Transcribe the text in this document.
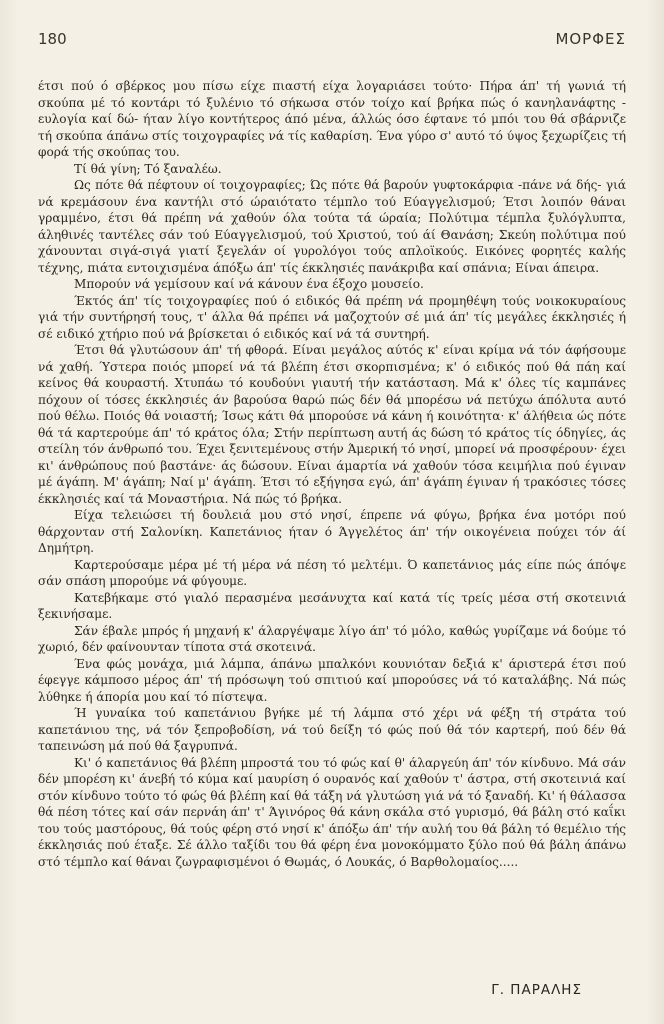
180	ΜΟΡΦΕΣ

έτσι πού ό σβέρκος μου πίσω είχε πιαστή είχα λογαριάσει τούτο· Πήρα άπ' τή γωνιά τή σκούπα μέ τό κοντάρι τό ξυλένιο τό σήκωσα στόν τοίχο καί βρήκα πώς ό κανηλανάφτης - ευλογία καί δώ- ήταν λίγο κοντήτερος άπό μένα, άλλώς όσο έφτανε τό μπόι του θά σβάρνιζε τή σκούπα άπάνω στίς τοιχογραφίες νά τίς καθαρίση. Ένα γύρο σ' αυτό τό ύψος ξεχωρίζεις τή φορά τής σκούπας του.

Τί θά γίνη; Τό ξαναλέω.

Ως πότε θά πέφτουν οί τοιχογραφίες; Ώς πότε θά βαρούν γυφτοκάρφια -πάνε νά δής- γιά νά κρεμάσουν ένα καντήλι στό ώραιότατο τέμπλο τού Εύαγγελισμού; Έτσι λοιπόν θάναι γραμμένο, έτσι θά πρέπη νά χαθούν όλα τούτα τά ώραία; Πολύτιμα τέμπλα ξυλόγλυπτα, άληθινές ταντέλες σάν τού Εύαγγελισμού, τού Χριστού, τού άί Θανάση; Σκεύη πολύτιμα πού χάνουνται σιγά-σιγά γιατί ξεγελάν οί γυρολόγοι τούς απλοϊκούς. Εικόνες φορητές καλής τέχνης, πιάτα εντοιχισμένα άπόξω άπ' τίς έκκλησιές πανάκριβα καί σπάνια; Είναι άπειρα.

Μπορούν νά γεμίσουν καί νά κάνουν ένα έξοχο μουσείο.

Έκτός άπ' τίς τοιχογραφίες πού ό ειδικός θά πρέπη νά προμηθέψη τούς νοικοκυραίους γιά τήν συντήρησή τους, τ' άλλα θά πρέπει νά μαζοχτούν σέ μιά άπ' τίς μεγάλες έκκλησιές ή σέ ειδικό χτήριο πού νά βρίσκεται ό ειδικός καί νά τά συντηρή.

Έτσι θά γλυτώσουν άπ' τή φθορά. Είναι μεγάλος αύτός κ' είναι κρίμα νά τόν άφήσουμε νά χαθή. Ύστερα ποιός μπορεί νά τά βλέπη έτσι σκορπισμένα; κ' ό ειδικός πού θά πάη καί κείνος θά κουραστή. Χτυπάω τό κουδούνι γιαυτή τήν κατάσταση. Μά κ' όλες τίς καμπάνες πόχουν οί τόσες έκκλησιές άν βαρούσα θαρώ πώς δέν θά μπορέσω νά πετύχω άπόλυτα αυτό πού θέλω. Ποιός θά νοιαστή; Ίσως κάτι θά μπορούσε νά κάνη ή κοινότητα· κ' άλήθεια ώς πότε θά τά καρτερούμε άπ' τό κράτος όλα; Στήν περίπτωση αυτή άς δώση τό κράτος τίς όδηγίες, άς στείλη τόν άνθρωπό του. Έχει ξενιτεμένους στήν Άμερική τό νησί, μπορεί νά προσφέρουν· έχει κι' άνθρώπους πού βαστάνε· άς δώσουν. Είναι άμαρτία νά χαθούν τόσα κειμήλια πού έγιναν μέ άγάπη. Μ' άγάπη; Ναί μ' άγάπη. Έτσι τό εξήγησα εγώ, άπ' άγάπη έγιναν ή τρακόσιες τόσες έκκλησιές καί τά Μοναστήρια. Νά πώς τό βρήκα.

Είχα τελειώσει τή δουλειά μου στό νησί, έπρεπε νά φύγω, βρήκα ένα μοτόρι πού θάρχονταν στή Σαλονίκη. Καπετάνιος ήταν ό Άγγελέτος άπ' τήν οικογένεια πούχει τόν άί Δημήτρη.

Καρτερούσαμε μέρα μέ τή μέρα νά πέση τό μελτέμι. Ό καπετάνιος μάς είπε πώς άπόψε σάν σπάση μπορούμε νά φύγουμε.

Κατεβήκαμε στό γιαλό περασμένα μεσάνυχτα καί κατά τίς τρείς μέσα στή σκοτεινιά ξεκινήσαμε.

Σάν έβαλε μπρός ή μηχανή κ' άλαργέψαμε λίγο άπ' τό μόλο, καθώς γυρίζαμε νά δούμε τό χωριό, δέν φαίνουνταν τίποτα στά σκοτεινά.

Ένα φώς μονάχα, μιά λάμπα, άπάνω μπαλκόνι κουνιόταν δεξιά κ' άριστερά έτσι πού έφεγγε κάμποσο μέρος άπ' τή πρόσωψη τού σπιτιού καί μπορούσες νά τό καταλάβης. Νά πώς λύθηκε ή άπορία μου καί τό πίστεψα.

Ή γυναίκα τού καπετάνιου βγήκε μέ τή λάμπα στό χέρι νά φέξη τή στράτα τού καπετάνιου της, νά τόν ξεπροβοδίση, νά τού δείξη τό φώς πού θά τόν καρτερή, πού δέν θά ταπεινώση μά πού θά ξαγρυπνά.

Κι' ό καπετάνιος θά βλέπη μπροστά του τό φώς καί θ' άλαργεύη άπ' τόν κίνδυνο. Μά σάν δέν μπορέση κι' άνεβή τό κύμα καί μαυρίση ό ουρανός καί χαθούν τ' άστρα, στή σκοτεινιά καί στόν κίνδυνο τούτο τό φώς θά βλέπη καί θά τάξη νά γλυτώση γιά νά τό ξαναδή. Κι' ή θάλασσα θά πέση τότες καί σάν περνάη άπ' τ' Άγινόρος θά κάνη σκάλα στό γυρισμό, θά βάλη στό καΐκι του τούς μαστόρους, θά τούς φέρη στό νησί κ' άπόξω άπ' τήν αυλή του θά βάλη τό θεμέλιο τής έκκλησιάς πού έταξε. Σέ άλλο ταξίδι του θά φέρη ένα μονοκόμματο ξύλο πού θά βάλη άπάνω στό τέμπλο καί θάναι ζωγραφισμένοι ό Θωμάς, ό Λουκάς, ό Βαρθολομαίος.....

Γ. ΠΑΡΑΛΗΣ
